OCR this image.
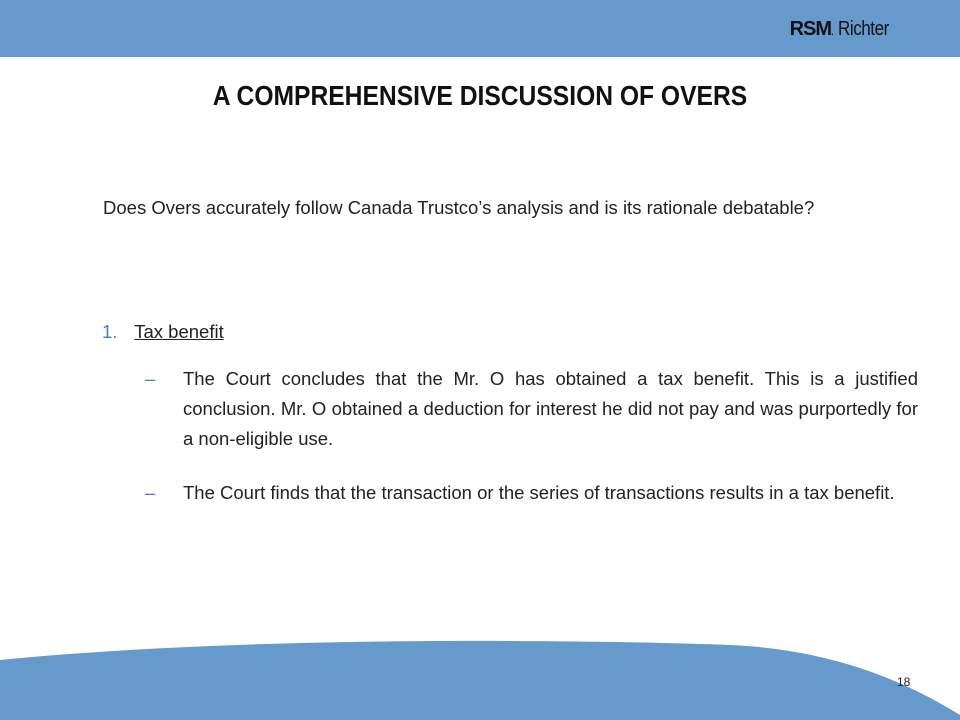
RSM. Richter
A COMPREHENSIVE DISCUSSION OF OVERS
Does Overs accurately follow Canada Trustco’s analysis and is its rationale debatable?
1. Tax benefit
– The Court concludes that the Mr. O has obtained a tax benefit. This is a justified conclusion. Mr. O obtained a deduction for interest he did not pay and was purportedly for a non-eligible use.
– The Court finds that the transaction or the series of transactions results in a tax benefit.
18
